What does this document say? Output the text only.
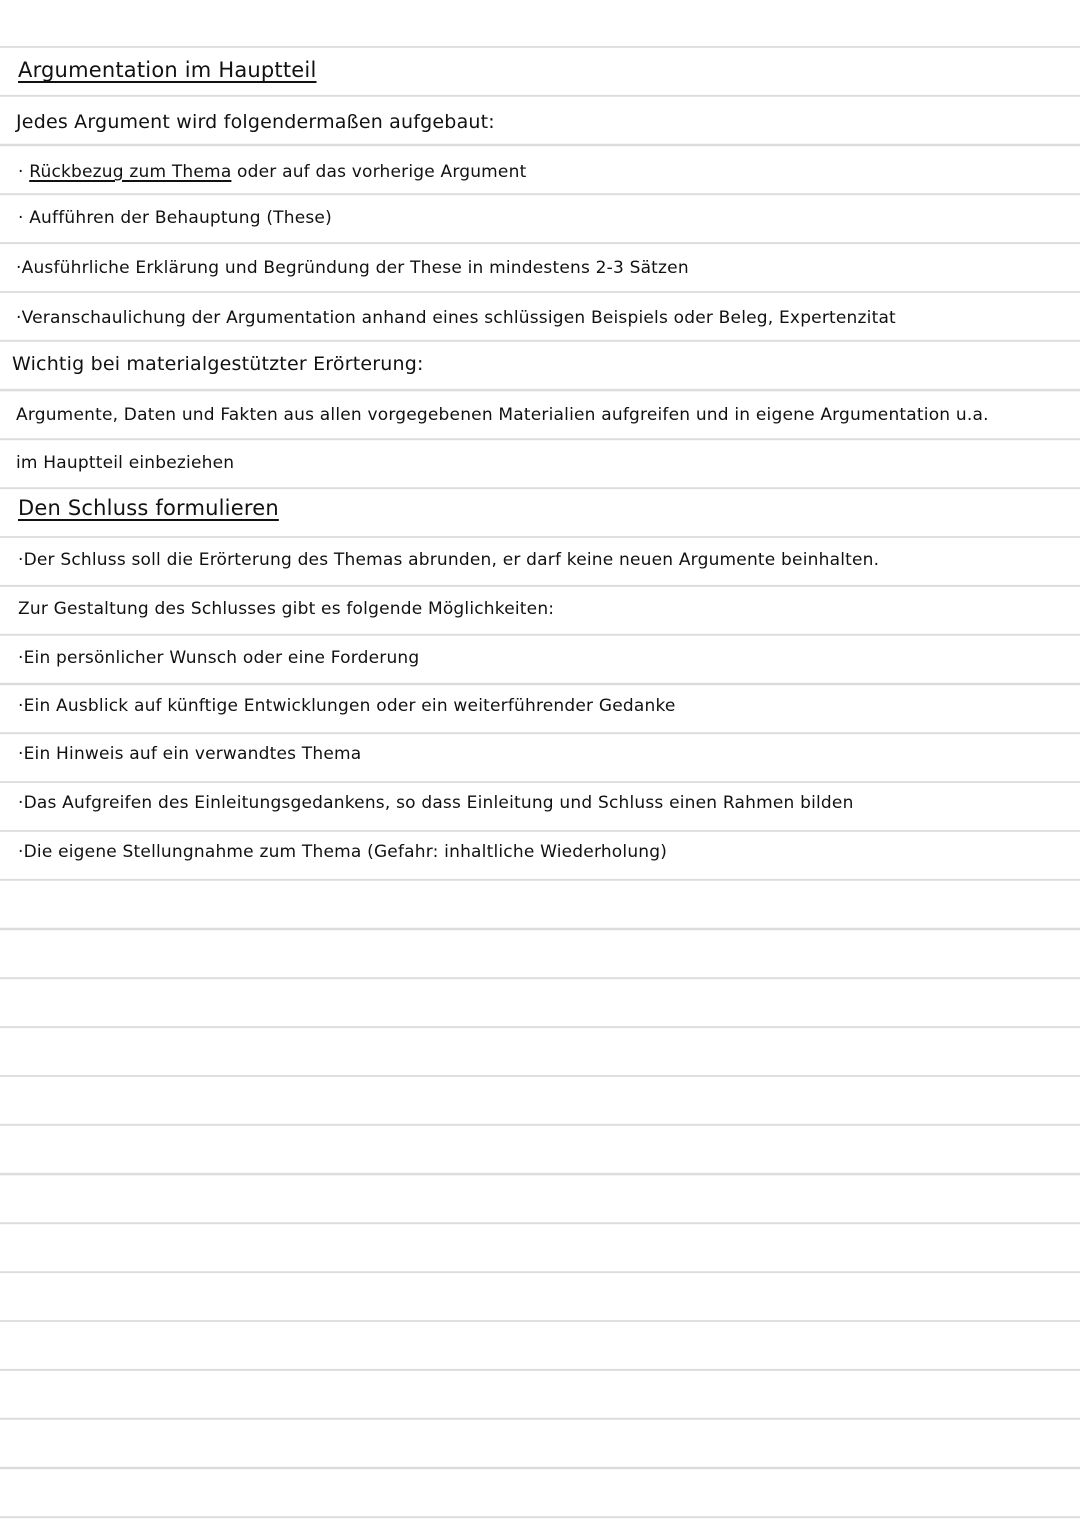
Argumentation im Hauptteil
Jedes Argument wird folgendermaßen aufgebaut:
· Rückbezug zum Thema oder auf das vorherige Argument
· Aufführen der Behauptung (These)
·Ausführliche Erklärung und Begründung der These in mindestens 2-3 Sätzen
·Veranschaulichung der Argumentation anhand eines schlüssigen Beispiels oder Beleg, Expertenzitat
Wichtig bei materialgestützter Erörterung:
Argumente, Daten und Fakten aus allen vorgegebenen Materialien aufgreifen und in eigene Argumentation u.a.
im Hauptteil einbeziehen
Den Schluss formulieren
·Der Schluss soll die Erörterung des Themas abrunden, er darf keine neuen Argumente beinhalten.
Zur Gestaltung des Schlusses gibt es folgende Möglichkeiten:
·Ein persönlicher Wunsch oder eine Forderung
·Ein Ausblick auf künftige Entwicklungen oder ein weiterführender Gedanke
·Ein Hinweis auf ein verwandtes Thema
·Das Aufgreifen des Einleitungsgedankens, so dass Einleitung und Schluss einen Rahmen bilden
·Die eigene Stellungnahme zum Thema (Gefahr: inhaltliche Wiederholung)
